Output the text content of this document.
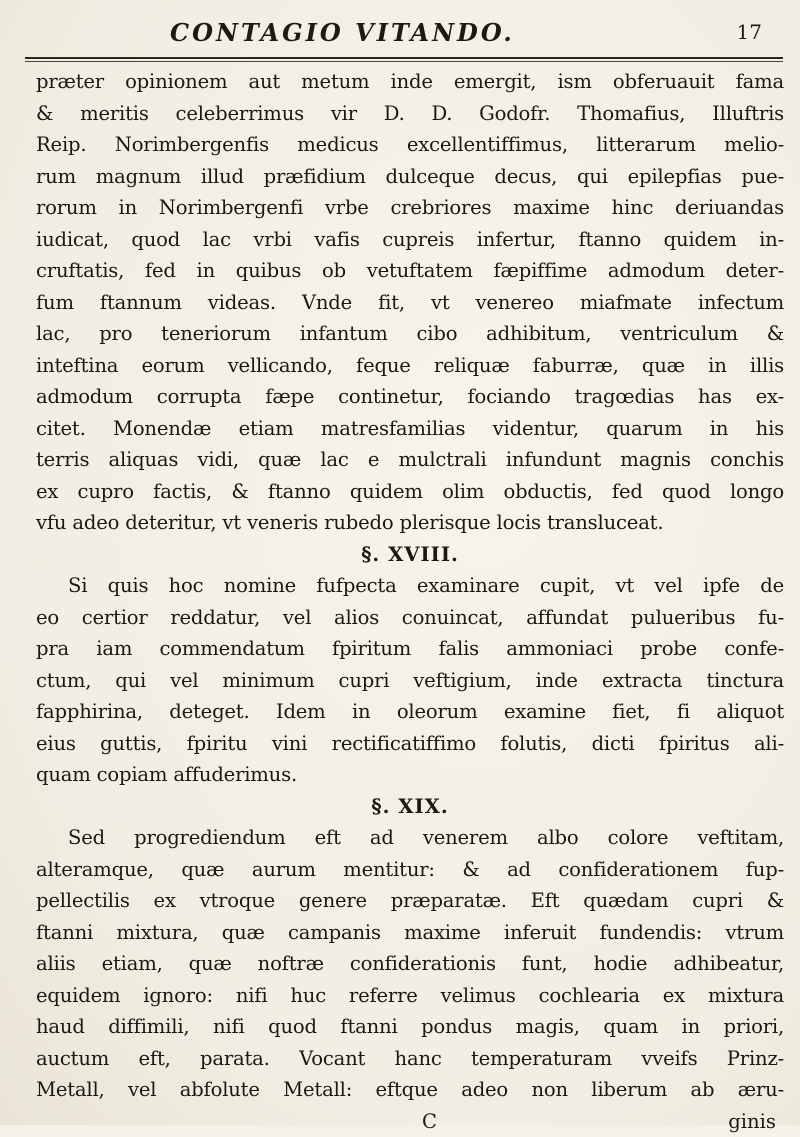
CONTAGIO VITANDO.	17
præter opinionem aut metum inde emergit, ism obferuauit fama
& meritis celeberrimus vir D. D. Godofr. Thomafius, Illuftris
Reip. Norimbergenfis medicus excellentiffimus, litterarum melio-
rum magnum illud præfidium dulceque decus, qui epilepfias pue-
rorum in Norimbergenfi vrbe crebriores maxime hinc deriuandas
iudicat, quod lac vrbi vafis cupreis infertur, ftanno quidem in-
cruftatis, fed in quibus ob vetuftatem fæpiffime admodum deter-
fum ftannum videas. Vnde fit, vt venereo miafmate infectum
lac, pro teneriorum infantum cibo adhibitum, ventriculum &
inteftina eorum vellicando, feque reliquæ faburræ, quæ in illis
admodum corrupta fæpe continetur, fociando tragœdias has ex-
citet. Monendæ etiam matresfamilias videntur, quarum in his
terris aliquas vidi, quæ lac e mulctrali infundunt magnis conchis
ex cupro factis, & ftanno quidem olim obductis, fed quod longo
vfu adeo deteritur, vt veneris rubedo plerisque locis transluceat.
§. XVIII.
Si quis hoc nomine fufpecta examinare cupit, vt vel ipfe de
eo certior reddatur, vel alios conuincat, affundat pulueribus fu-
pra iam commendatum fpiritum falis ammoniaci probe confe-
ctum, qui vel minimum cupri veftigium, inde extracta tinctura
fapphirina, deteget. Idem in oleorum examine fiet, fi aliquot
eius guttis, fpiritu vini rectificatiffimo folutis, dicti fpiritus ali-
quam copiam affuderimus.
§. XIX.
Sed progrediendum eft ad venerem albo colore veftitam,
alteramque, quæ aurum mentitur: & ad confiderationem fup-
pellectilis ex vtroque genere præparatæ. Eft quædam cupri &
ftanni mixtura, quæ campanis maxime inferuit fundendis: vtrum
aliis etiam, quæ noftræ confiderationis funt, hodie adhibeatur,
equidem ignoro: nifi huc referre velimus cochlearia ex mixtura
haud diffimili, nifi quod ftanni pondus magis, quam in priori,
auctum eft, parata. Vocant hanc temperaturam vveifs Prinz-
Metall, vel abfolute Metall: eftque adeo non liberum ab æru-
C	ginis
